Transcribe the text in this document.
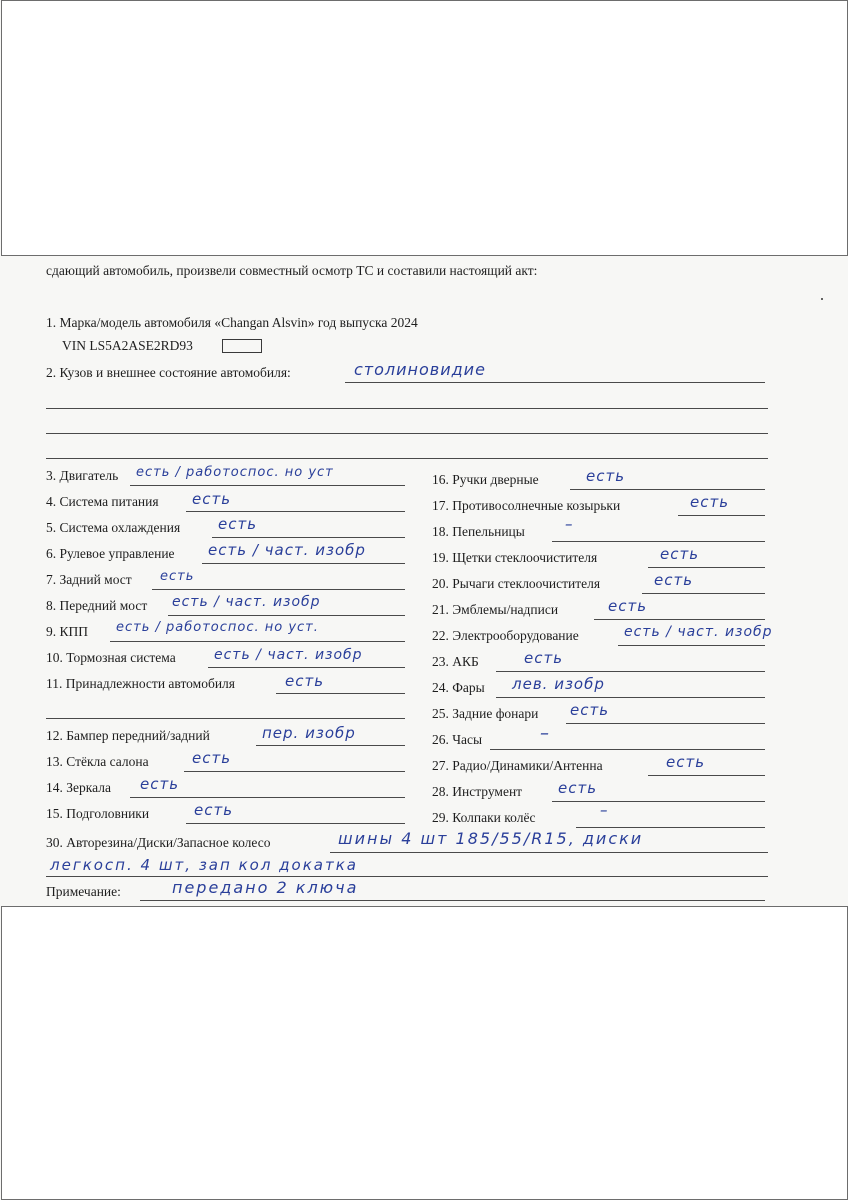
сдающий автомобиль, произвели совместный осмотр ТС и составили настоящий акт:
1. Марка/модель автомобиля «Changan Alsvin» год выпуска 2024
VIN LS5A2ASE2RD93
2. Кузов и внешнее состояние автомобиля:	столиновидие
3. Двигатель есть / работоспос. но уст
4. Система питания есть
5. Система охлаждения	есть
6. Рулевое управление есть / част. изобр
7. Задний мост есть
8. Передний мост есть / част. изобр
9. КПП есть / работоспос. но уст.
10. Тормозная система	есть / част. изобр
11. Принадлежности автомобиля	есть
12. Бампер передний/задний	пер. изобр
13. Стёкла салона	есть
14. Зеркала есть
15. Подголовники	есть
16. Ручки дверные	есть
17. Противосолнечные козырьки	есть
18. Пепельницы	–
19. Щетки стеклоочистителя	есть
20. Рычаги стеклоочистителя	есть
21. Эмблемы/надписи	есть
22. Электрооборудование	есть / част. изобр
23. АКБ	есть
24. Фары лев. изобр
25. Задние фонари есть
26. Часы	–
27. Радио/Динамики/Антенна	есть
28. Инструмент есть
29. Колпаки колёс	–
30. Авторезина/Диски/Запасное колесо	шины 4 шт 185/55/R15, диски
легкосп. 4 шт, зап кол докатка
Примечание:	передано 2 ключа
